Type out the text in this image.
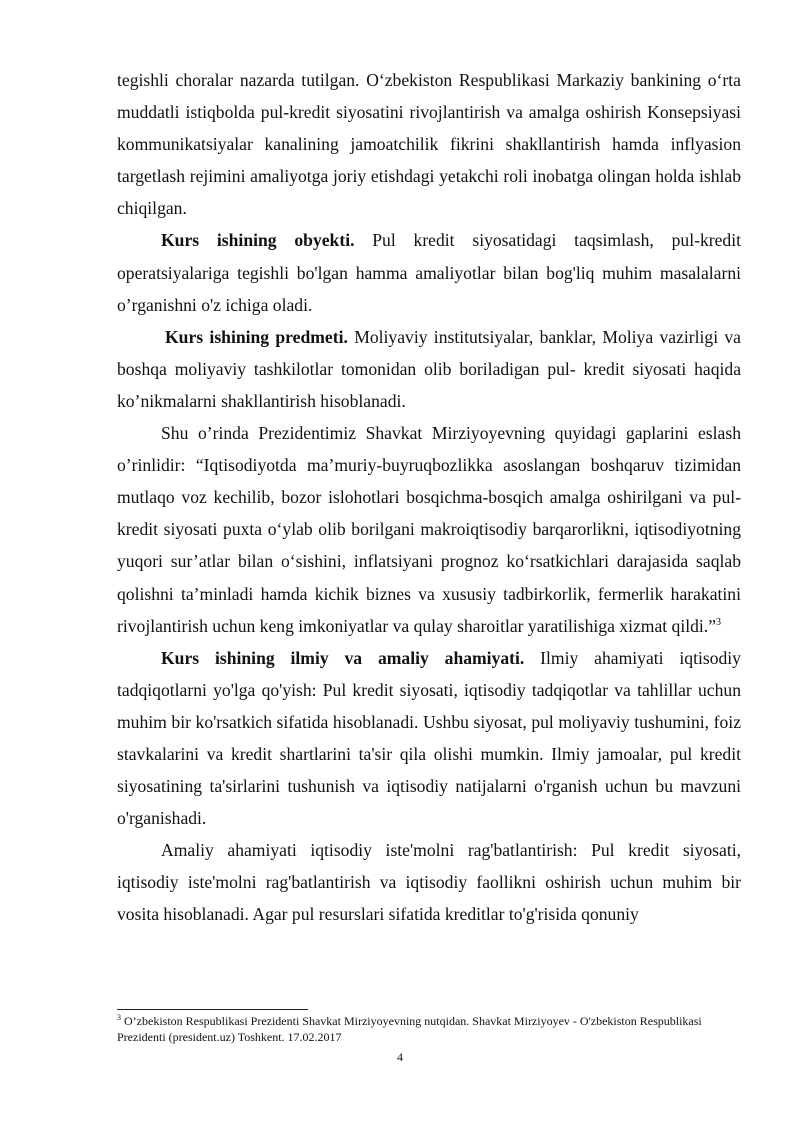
tegishli choralar nazarda tutilgan. O‘zbekiston Respublikasi Markaziy bankining o‘rta muddatli istiqbolda pul-kredit siyosatini rivojlantirish va amalga oshirish Konsepsiyasi kommunikatsiyalar kanalining jamoatchilik fikrini shakllantirish hamda inflyasion targetlash rejimini amaliyotga joriy etishdagi yetakchi roli inobatga olingan holda ishlab chiqilgan.

Kurs ishining obyekti. Pul kredit siyosatidagi taqsimlash, pul-kredit operatsiyalariga tegishli bo'lgan hamma amaliyotlar bilan bog'liq muhim masalalarni o’rganishni o'z ichiga oladi.

Kurs ishining predmeti. Moliyaviy institutsiyalar, banklar, Moliya vazirligi va boshqa moliyaviy tashkilotlar tomonidan olib boriladigan pul- kredit siyosati haqida ko’nikmalarni shakllantirish hisoblanadi.

Shu o’rinda Prezidentimiz Shavkat Mirziyoyevning quyidagi gaplarini eslash o’rinlidir: “Iqtisodiyotda ma’muriy-buyruqbozlikka asoslangan boshqaruv tizimidan mutlaqo voz kechilib, bozor islohotlari bosqichma-bosqich amalga oshirilgani va pul-kredit siyosati puxta o‘ylab olib borilgani makroiqtisodiy barqarorlikni, iqtisodiyotning yuqori sur’atlar bilan o‘sishini, inflatsiyani prognoz ko‘rsatkichlari darajasida saqlab qolishni ta’minladi hamda kichik biznes va xususiy tadbirkorlik, fermerlik harakatini rivojlantirish uchun keng imkoniyatlar va qulay sharoitlar yaratilishiga xizmat qildi.”$^3$

Kurs ishining ilmiy va amaliy ahamiyati. Ilmiy ahamiyati iqtisodiy tadqiqotlarni yo'lga qo'yish: Pul kredit siyosati, iqtisodiy tadqiqotlar va tahlillar uchun muhim bir ko'rsatkich sifatida hisoblanadi. Ushbu siyosat, pul moliyaviy tushumini, foiz stavkalarini va kredit shartlarini ta'sir qila olishi mumkin. Ilmiy jamoalar, pul kredit siyosatining ta'sirlarini tushunish va iqtisodiy natijalarni o'rganish uchun bu mavzuni o'rganishadi.

Amaliy ahamiyati iqtisodiy iste'molni rag'batlantirish: Pul kredit siyosati, iqtisodiy iste'molni rag'batlantirish va iqtisodiy faollikni oshirish uchun muhim bir vosita hisoblanadi. Agar pul resurslari sifatida kreditlar to'g'risida qonuniy

$^3$ O’zbekiston Respublikasi Prezidenti Shavkat Mirziyoyevning nutqidan. Shavkat Mirziyoyev - O'zbekiston Respublikasi Prezidenti (president.uz) Toshkent. 17.02.2017

4
